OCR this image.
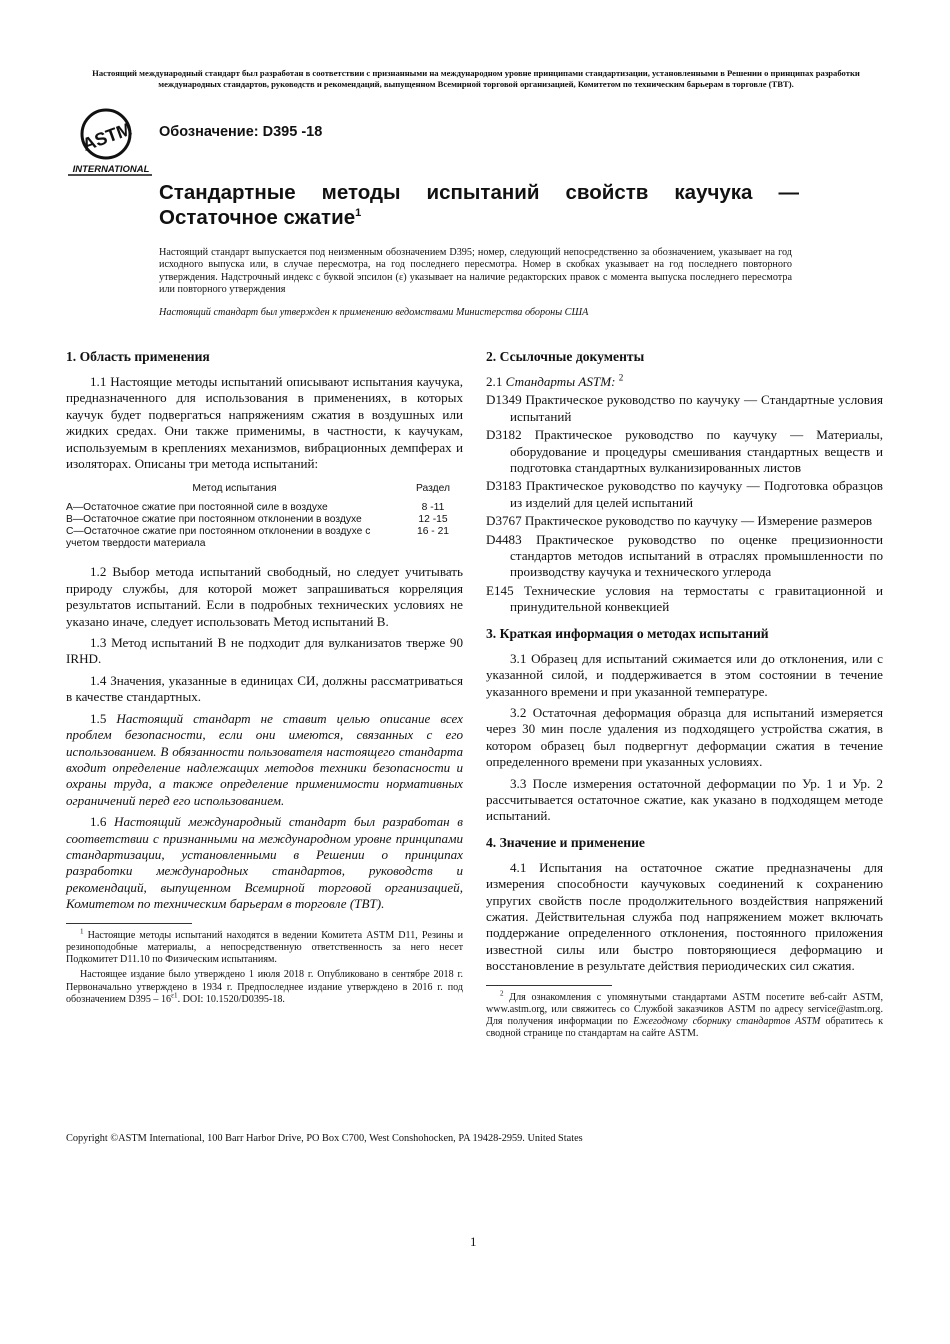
Настоящий международный стандарт был разработан в соответствии с признанными на международном уровне принципами стандартизации, установленными в Решении о принципах разработки международных стандартов, руководств и рекомендаций, выпущенном Всемирной торговой организацией, Комитетом по техническим барьерам в торговле (TBT).
ASTM
INTERNATIONAL
Обозначение: D395 -18
Стандартные методы испытаний свойств каучука —
Остаточное сжатие$^1$
Настоящий стандарт выпускается под неизменным обозначением D395; номер, следующий непосредственно за обозначением, указывает на год исходного выпуска или, в случае пересмотра, на год последнего пересмотра. Номер в скобках указывает на год последнего повторного утверждения. Надстрочный индекс с буквой эпсилон (ε) указывает на наличие редакторских правок с момента выпуска последнего пересмотра или повторного утверждения
Настоящий стандарт был утвержден к применению ведомствами Министерства обороны США
1. Область применения

1.1 Настоящие методы испытаний описывают испытания каучука, предназначенного для использования в применениях, в которых каучук будет подвергаться напряжениям сжатия в воздушных или жидких средах. Они также применимы, в частности, к каучукам, используемым в креплениях механизмов, вибрационных демпферах и изоляторах. Описаны три метода испытаний:

Метод испытания	Раздел
A—Остаточное сжатие при постоянной силе в воздухе	8 -11
B—Остаточное сжатие при постоянном отклонении в воздухе	12 -15
C—Остаточное сжатие при постоянном отклонении в воздухе с учетом твердости материала	16 - 21

1.2 Выбор метода испытаний свободный, но следует учитывать природу службы, для которой может запрашиваться корреляция результатов испытаний. Если в подробных технических условиях не указано иначе, следует использовать Метод испытаний B.

1.3 Метод испытаний B не подходит для вулканизатов тверже 90 IRHD.

1.4 Значения, указанные в единицах СИ, должны рассматриваться в качестве стандартных.

1.5 Настоящий стандарт не ставит целью описание всех проблем безопасности, если они имеются, связанных с его использованием. В обязанности пользователя настоящего стандарта входит определение надлежащих методов техники безопасности и охраны труда, а также определение применимости нормативных ограничений перед его использованием.

1.6 Настоящий международный стандарт был разработан в соответствии с признанными на международном уровне принципами стандартизации, установленными в Решении о принципах разработки международных стандартов, руководств и рекомендаций, выпущенном Всемирной торговой организацией, Комитетом по техническим барьерам в торговле (TBT).

$^1$ Настоящие методы испытаний находятся в ведении Комитета ASTM D11, Резины и резиноподобные материалы, а непосредственную ответственность за него несет Подкомитет D11.10 по Физическим испытаниям.

Настоящее издание было утверждено 1 июля 2018 г. Опубликовано в сентябре 2018 г. Первоначально утверждено в 1934 г. Предпоследнее издание утверждено в 2016 г. под обозначением $D395 - 16^{\varepsilon 1}$. DOI: 10.1520/D0395-18.

2. Ссылочные документы

2.1 Стандарты ASTM: $^2$

D1349 Практическое руководство по каучуку — Стандартные условия испытаний
D3182 Практическое руководство по каучуку — Материалы, оборудование и процедуры смешивания стандартных веществ и подготовка стандартных вулканизированных листов
D3183 Практическое руководство по каучуку — Подготовка образцов из изделий для целей испытаний
D3767 Практическое руководство по каучуку — Измерение размеров
D4483 Практическое руководство по оценке прецизионности стандартов методов испытаний в отраслях промышленности по производству каучука и технического углерода
E145 Технические условия на термостаты с гравитационной и принудительной конвекцией
3. Краткая информация о методах испытаний

3.1 Образец для испытаний сжимается или до отклонения, или с указанной силой, и поддерживается в этом состоянии в течение указанного времени и при указанной температуре.

3.2 Остаточная деформация образца для испытаний измеряется через 30 мин после удаления из подходящего устройства сжатия, в котором образец был подвергнут деформации сжатия в течение определенного времени при указанных условиях.

3.3 После измерения остаточной деформации по Ур. 1 и Ур. 2 рассчитывается остаточное сжатие, как указано в подходящем методе испытаний.

4. Значение и применение

4.1 Испытания на остаточное сжатие предназначены для измерения способности каучуковых соединений к сохранению упругих свойств после продолжительного воздействия напряжений сжатия. Действительная служба под напряжением может включать поддержание определенного отклонения, постоянного приложения известной силы или быстро повторяющиеся деформацию и восстановление в результате действия периодических сил сжатия.

$^2$ Для ознакомления с упомянутыми стандартами ASTM посетите веб-сайт ASTM, www.astm.org, или свяжитесь со Службой заказчиков ASTM по адресу service@astm.org. Для получения информации по Ежегодному сборнику стандартов ASTM обратитесь к сводной странице по стандартам на сайте ASTM.

Copyright ©ASTM International, 100 Barr Harbor Drive, PO Box C700, West Conshohocken, PA 19428-2959. United States
1
